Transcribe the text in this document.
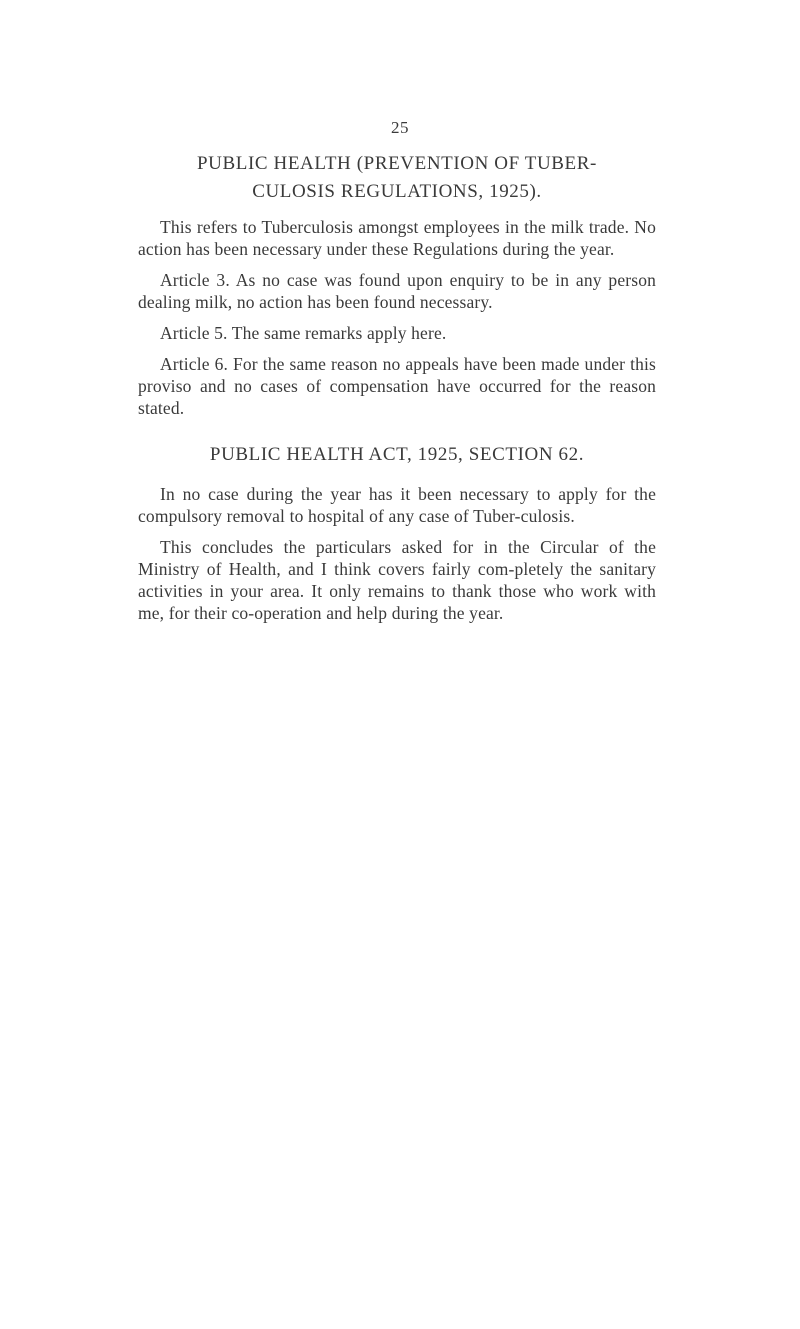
25
PUBLIC HEALTH (PREVENTION OF TUBER-
CULOSIS REGULATIONS, 1925).

This refers to Tuberculosis amongst employees in the milk trade. No action has been necessary under these Regulations during the year.

Article 3. As no case was found upon enquiry to be in any person dealing milk, no action has been found necessary.

Article 5. The same remarks apply here.

Article 6. For the same reason no appeals have been made under this proviso and no cases of compensation have occurred for the reason stated.

PUBLIC HEALTH ACT, 1925, SECTION 62.

In no case during the year has it been necessary to apply for the compulsory removal to hospital of any case of Tuber-culosis.

This concludes the particulars asked for in the Circular of the Ministry of Health, and I think covers fairly com-pletely the sanitary activities in your area. It only remains to thank those who work with me, for their co-operation and help during the year.
